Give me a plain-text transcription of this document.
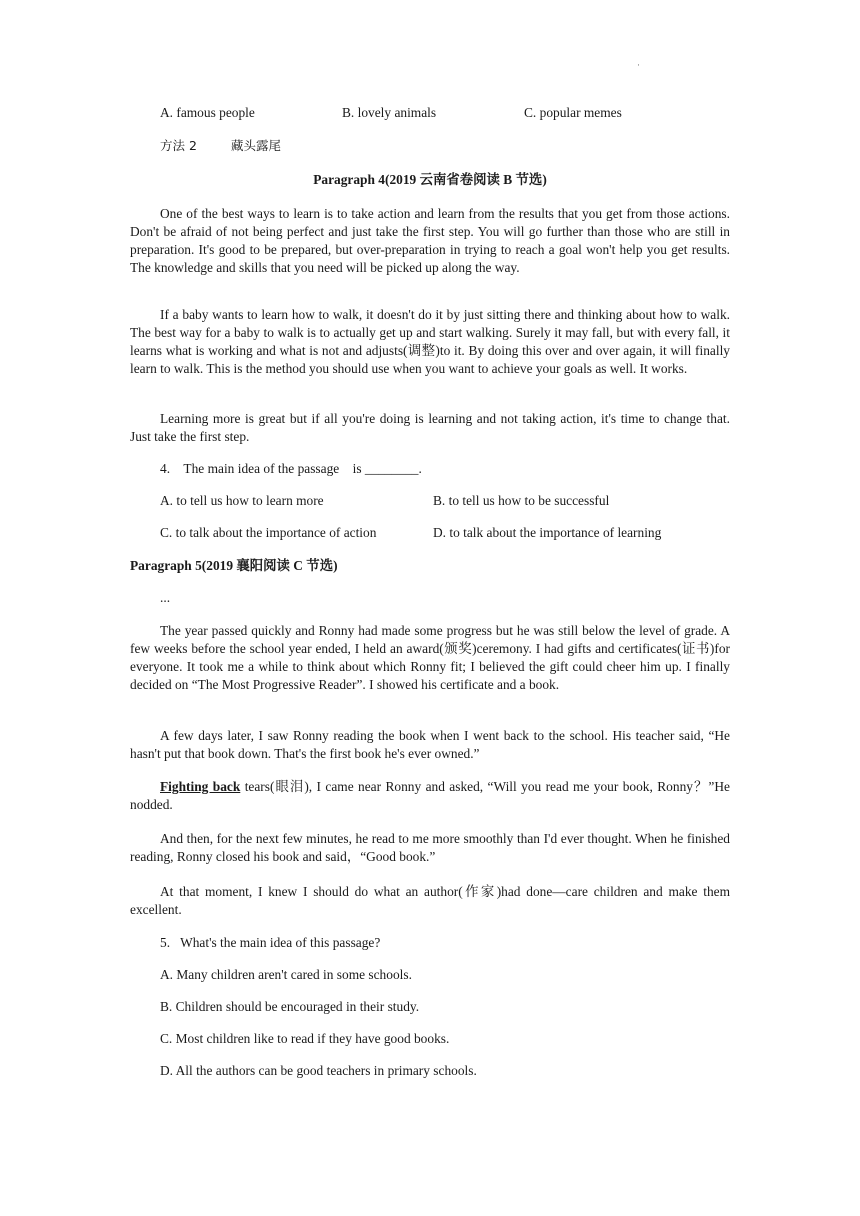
·
A. famous people	B. lovely animals	C. popular memes
方法 2	藏头露尾
Paragraph 4(2019 云南省卷阅读 B 节选)
One of the best ways to learn is to take action and learn from the results that you get from those actions. Don't be afraid of not being perfect and just take the first step. You will go further than those who are still in preparation. It's good to be prepared, but over-preparation in trying to reach a goal won't help you get results. The knowledge and skills that you need will be picked up along the way.
If a baby wants to learn how to walk, it doesn't do it by just sitting there and thinking about how to walk. The best way for a baby to walk is to actually get up and start walking. Surely it may fall, but with every fall, it learns what is working and what is not and adjusts(调整)to it. By doing this over and over again, it will finally learn to walk. This is the method you should use when you want to achieve your goals as well. It works.
Learning more is great but if all you're doing is learning and not taking action, it's time to change that. Just take the first step.
4.    The main idea of the passage    is ________.
A. to tell us how to learn more	B. to tell us how to be successful
C. to talk about the importance of action	D. to talk about the importance of learning
Paragraph 5(2019 襄阳阅读 C 节选)
...
The year passed quickly and Ronny had made some progress but he was still below the level of grade. A few weeks before the school year ended, I held an award(颁奖)ceremony. I had gifts and certificates(证书)for everyone. It took me a while to think about which Ronny fit; I believed the gift could cheer him up. I finally decided on “The Most Progressive Reader”. I showed his certificate and a book.
A few days later, I saw Ronny reading the book when I went back to the school. His teacher said, “He hasn't put that book down. That's the first book he's ever owned.”
Fighting back tears(眼泪), I came near Ronny and asked, “Will you read me your book, Ronny？”He nodded.
And then, for the next few minutes, he read to me more smoothly than I'd ever thought. When he finished reading, Ronny closed his book and said，“Good book.”
At that moment, I knew I should do what an author(作家)had done—care children and make them excellent.
5.   What's the main idea of this passage?
A. Many children aren't cared in some schools.
B. Children should be encouraged in their study.
C. Most children like to read if they have good books.
D. All the authors can be good teachers in primary schools.
